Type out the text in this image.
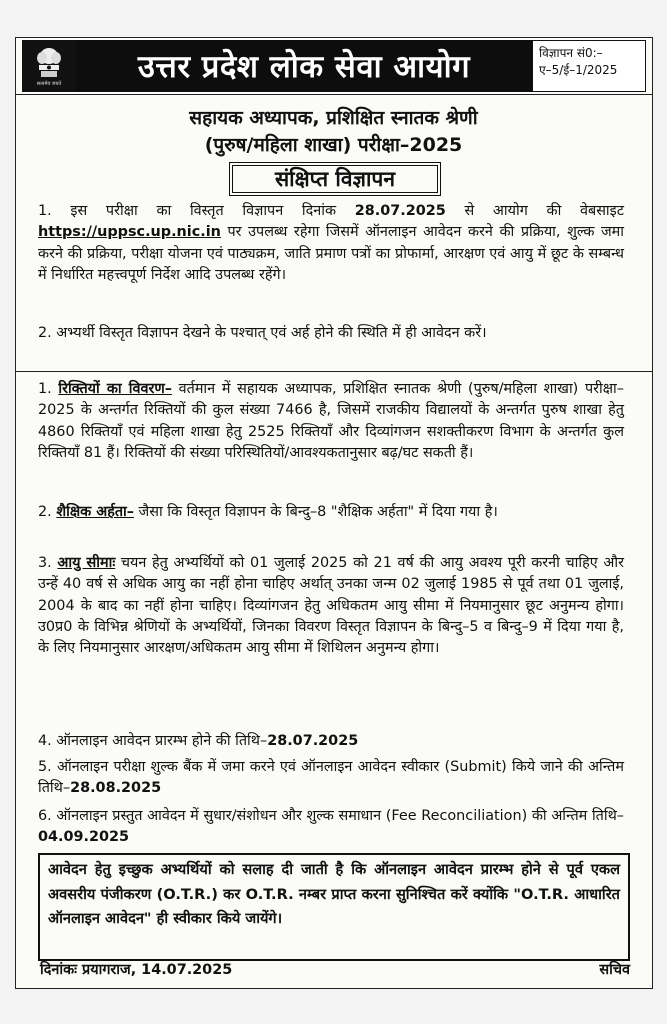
सत्यमेव जयते	उत्तर प्रदेश लोक सेवा आयोग	विज्ञापन सं0:–
ए–5/ई–1/2025
सहायक अध्यापक, प्रशिक्षित स्नातक श्रेणी
(पुरुष/महिला शाखा) परीक्षा–2025
संक्षिप्त विज्ञापन
1. इस परीक्षा का विस्तृत विज्ञापन दिनांक 28.07.2025 से आयोग की वेबसाइट https://uppsc.up.nic.in पर उपलब्ध रहेगा जिसमें ऑनलाइन आवेदन करने की प्रक्रिया, शुल्क जमा करने की प्रक्रिया, परीक्षा योजना एवं पाठ्यक्रम, जाति प्रमाण पत्रों का प्रोफार्मा, आरक्षण एवं आयु में छूट के सम्बन्ध में निर्धारित महत्त्वपूर्ण निर्देश आदि उपलब्ध रहेंगे।
2. अभ्यर्थी विस्तृत विज्ञापन देखने के पश्चात् एवं अर्ह होने की स्थिति में ही आवेदन करें।
1. रिक्तियों का विवरण– वर्तमान में सहायक अध्यापक, प्रशिक्षित स्नातक श्रेणी (पुरुष/महिला शाखा) परीक्षा–2025 के अन्तर्गत रिक्तियों की कुल संख्या 7466 है, जिसमें राजकीय विद्यालयों के अन्तर्गत पुरुष शाखा हेतु 4860 रिक्तियाँ एवं महिला शाखा हेतु 2525 रिक्तियाँ और दिव्यांगजन सशक्तीकरण विभाग के अन्तर्गत कुल रिक्तियाँ 81 हैं। रिक्तियों की संख्या परिस्थितियों/आवश्यकतानुसार बढ़/घट सकती हैं।
2. शैक्षिक अर्हता– जैसा कि विस्तृत विज्ञापन के बिन्दु–8 "शैक्षिक अर्हता" में दिया गया है।
3. आयु सीमाः चयन हेतु अभ्यर्थियों को 01 जुलाई 2025 को 21 वर्ष की आयु अवश्य पूरी करनी चाहिए और उन्हें 40 वर्ष से अधिक आयु का नहीं होना चाहिए अर्थात् उनका जन्म 02 जुलाई 1985 से पूर्व तथा 01 जुलाई, 2004 के बाद का नहीं होना चाहिए। दिव्यांगजन हेतु अधिकतम आयु सीमा में नियमानुसार छूट अनुमन्य होगा। उ0प्र0 के विभिन्न श्रेणियों के अभ्यर्थियों, जिनका विवरण विस्तृत विज्ञापन के बिन्दु–5 व बिन्दु–9 में दिया गया है, के लिए नियमानुसार आरक्षण/अधिकतम आयु सीमा में शिथिलन अनुमन्य होगा।
4. ऑनलाइन आवेदन प्रारम्भ होने की तिथि–28.07.2025
5. ऑनलाइन परीक्षा शुल्क बैंक में जमा करने एवं ऑनलाइन आवेदन स्वीकार (Submit) किये जाने की अन्तिम तिथि–28.08.2025
6. ऑनलाइन प्रस्तुत आवेदन में सुधार/संशोधन और शुल्क समाधान (Fee Reconciliation) की अन्तिम तिथि–04.09.2025
आवेदन हेतु इच्छुक अभ्यर्थियों को सलाह दी जाती है कि ऑनलाइन आवेदन प्रारम्भ होने से पूर्व एकल अवसरीय पंजीकरण (O.T.R.) कर O.T.R. नम्बर प्राप्त करना सुनिश्चित करें क्योंकि "O.T.R. आधारित ऑनलाइन आवेदन" ही स्वीकार किये जायेंगे।
दिनांकः प्रयागराज, 14.07.2025	सचिव
